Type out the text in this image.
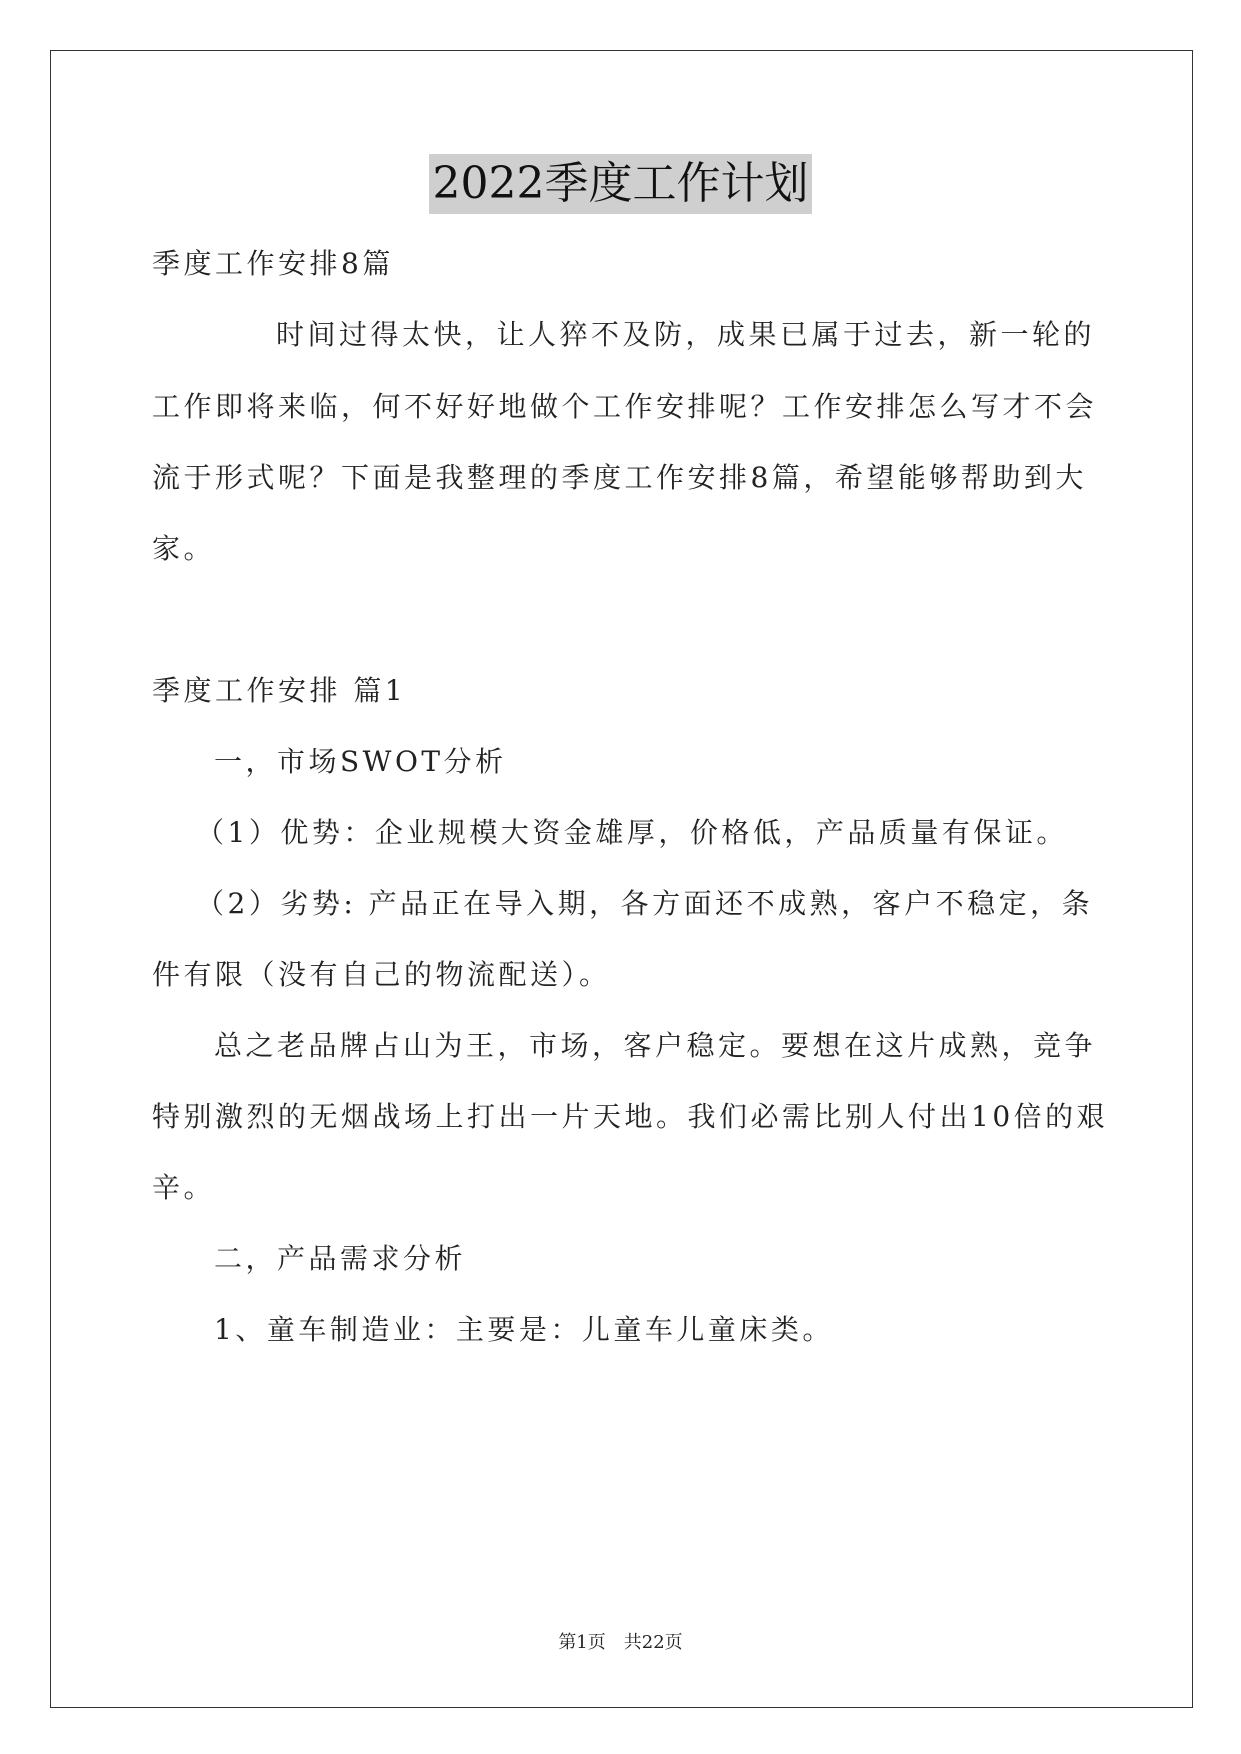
2022季度工作计划
季度工作安排8篇
时间过得太快，让人猝不及防，成果已属于过去，新一轮的
工作即将来临，何不好好地做个工作安排呢？工作安排怎么写才不会
流于形式呢？下面是我整理的季度工作安排8篇，希望能够帮助到大
家。
季度工作安排 篇1
一，市场SWOT分析
（1）优势：企业规模大资金雄厚，价格低，产品质量有保证。
（2）劣势: 产品正在导入期，各方面还不成熟，客户不稳定，条
件有限（没有自己的物流配送）。
总之老品牌占山为王，市场，客户稳定。要想在这片成熟，竞争
特别激烈的无烟战场上打出一片天地。我们必需比别人付出10倍的艰
辛。
二，产品需求分析
1、童车制造业：主要是：儿童车儿童床类。
第1页　共22页
